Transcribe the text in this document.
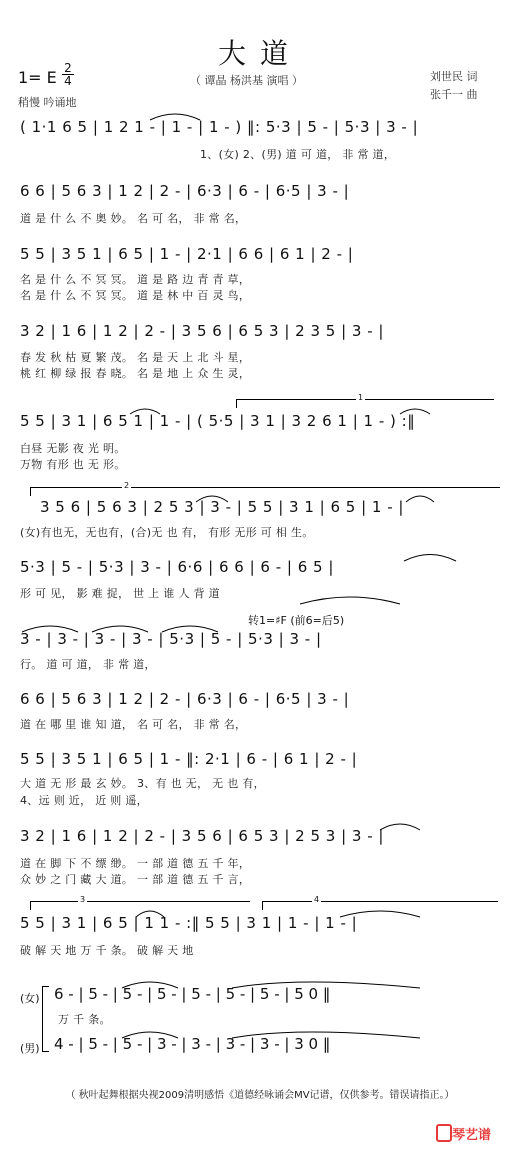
大道
（ 谭晶 杨洪基 演唱 ）	刘世民 词
张千一 曲
1= E 2
4
稍慢 吟诵地
( 1·1 6 5 | 1 2 1 - | 1 - | 1 - ) ‖: 5·3 | 5 - | 5·3 | 3 - |
1、(女) 2、(男) 道 可 道， 非 常 道，
6 6 | 5 6 3 | 1 2 | 2 - | 6·3 | 6 - | 6·5 | 3 - |
道 是 什 么 不 奥 妙。 名 可 名， 非 常 名，
5 5 | 3 5 1 | 6 5 | 1 - | 2·1 | 6 6 | 6 1 | 2 - |
名 是 什 么 不 冥 冥。 道 是 路 边 青 青 草，
名 是 什 么 不 冥 冥。 道 是 林 中 百 灵 鸟，
3 2 | 1 6 | 1 2 | 2 - | 3 5 6 | 6 5 3 | 2 3 5 | 3 - |
春 发 秋 枯 夏 繁 茂。 名 是 天 上 北 斗 星，
桃 红 柳 绿 报 春 晓。 名 是 地 上 众 生 灵，
1
5 5 | 3 1 | 6 5 1 | 1 - | ( 5·5 | 3 1 | 3 2 6 1 | 1 - ) :‖
白昼 无影 夜 光 明。
万物 有形 也 无 形。
2
3 5 6 | 5 6 3 | 2 5 3 | 3 - | 5 5 | 3 1 | 6 5 | 1 - |
(女)有也无，无也有，(合)无 也 有， 有形 无形 可 相 生。
5·3 | 5 - | 5·3 | 3 - | 6·6 | 6 6 | 6 - | 6 5 |
形 可 见， 影 难 捉， 世 上 谁 人 背 道
转1=♯F (前6=后5)
3 - | 3 - | 3 - | 3 - | 5·3 | 5 - | 5·3 | 3 - |
行。 道 可 道， 非 常 道，
6 6 | 5 6 3 | 1 2 | 2 - | 6·3 | 6 - | 6·5 | 3 - |
道 在 哪 里 谁 知 道， 名 可 名， 非 常 名，
5 5 | 3 5 1 | 6 5 | 1 - ‖: 2·1 | 6 - | 6 1 | 2 - |
大 道 无 形 最 玄 妙。 3、有 也 无， 无 也 有，
4、远 则 近， 近 则 遥，
3 2 | 1 6 | 1 2 | 2 - | 3 5 6 | 6 5 3 | 2 5 3 | 3 - |
道 在 脚 下 不 缥 缈。 一 部 道 德 五 千 年，
众 妙 之 门 藏 大 道。 一 部 道 德 五 千 言，
3	4
5 5 | 3 1 | 6 5 | 1 1 - :‖ 5 5 | 3 1 | 1 - | 1 - |
破 解 天 地 万 千 条。 破 解 天 地
(女) 6 - | 5 - | 5 - | 5 - | 5 - | 5 - | 5 - | 5 0 ‖
万 千 条。
(男) 4 - | 5 - | 5 - | 3 - | 3 - | 3 - | 3 - | 3 0 ‖
（ 秋叶起舞根据央视2009清明感悟《道德经咏诵会MV记谱，仅供参考。错误请指正。）
琴艺谱
